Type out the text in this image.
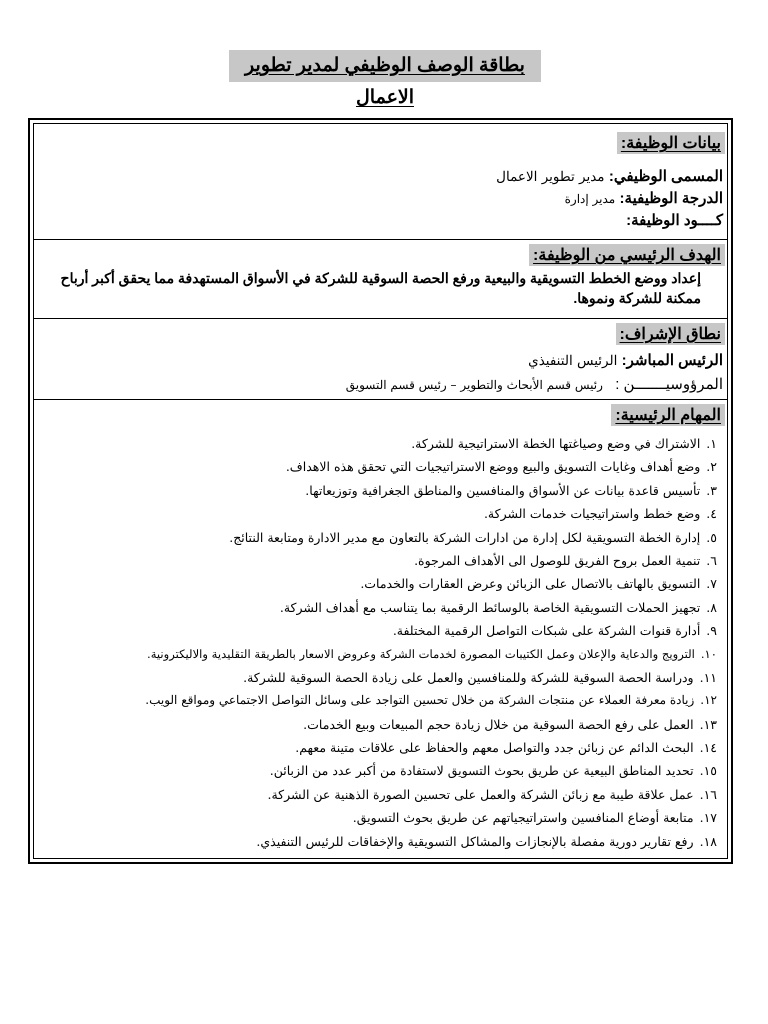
بطاقة الوصف الوظيفي لمدير تطوير الاعمال
بيانات الوظيفة:
المسمى الوظيفي: مدير تطوير الاعمال
الدرجة الوظيفية: مدير إدارة
كــــود الوظيفة:
الهدف الرئيسي من الوظيفة:
إعداد ووضع الخطط التسويقية والبيعية ورفع الحصة السوقية للشركة في الأسواق المستهدفة مما يحقق أكبر أرباح ممكنة للشركة ونموها.
نطاق الإشراف:
الرئيس المباشر: الرئيس التنفيذي
المرؤوسيـــــــن : رئيس قسم الأبحاث والتطوير – رئيس قسم التسويق
المهام الرئيسية:
١.الاشتراك في وضع وصياغتها الخطة الاستراتيجية للشركة.
٢.وضع أهداف وغايات التسويق والبيع ووضع الاستراتيجيات التي تحقق هذه الاهداف.
٣.تأسيس قاعدة بيانات عن الأسواق والمنافسين والمناطق الجغرافية وتوزيعاتها.
٤.وضع خطط واستراتيجيات خدمات الشركة.
٥.إدارة الخطة التسويقية لكل إدارة من ادارات الشركة بالتعاون مع مدير الادارة ومتابعة النتائج.
٦.تنمية العمل بروح الفريق للوصول الى الأهداف المرجوة.
٧.التسويق بالهاتف بالاتصال على الزبائن وعرض العقارات والخدمات.
٨.تجهيز الحملات التسويقية الخاصة بالوسائط الرقمية بما يتناسب مع أهداف الشركة.
٩.أدارة قنوات الشركة على شبكات التواصل الرقمية المختلفة.
١٠.الترويج والدعاية والإعلان وعمل الكتيبات المصورة لخدمات الشركة وعروض الاسعار بالطريقة التقليدية والاليكترونية.
١١.ودراسة الحصة السوقية للشركة وللمنافسين والعمل على زيادة الحصة السوقية للشركة.
١٢.زيادة معرفة العملاء عن منتجات الشركة من خلال تحسين التواجد على وسائل التواصل الاجتماعي ومواقع الويب.
١٣.العمل على رفع الحصة السوقية من خلال زيادة حجم المبيعات وبيع الخدمات.
١٤.البحث الدائم عن زبائن جدد والتواصل معهم والحفاظ على علاقات متينة معهم.
١٥.تحديد المناطق البيعية عن طريق بحوث التسويق لاستفادة من أكبر عدد من الزبائن.
١٦.عمل علاقة طيبة مع زبائن الشركة والعمل على تحسين الصورة الذهنية عن الشركة.
١٧.متابعة أوضاع المنافسين واستراتيجياتهم عن طريق بحوث التسويق.
١٨.رفع تقارير دورية مفصلة بالإنجازات والمشاكل التسويقية والإخفاقات للرئيس التنفيذي.
